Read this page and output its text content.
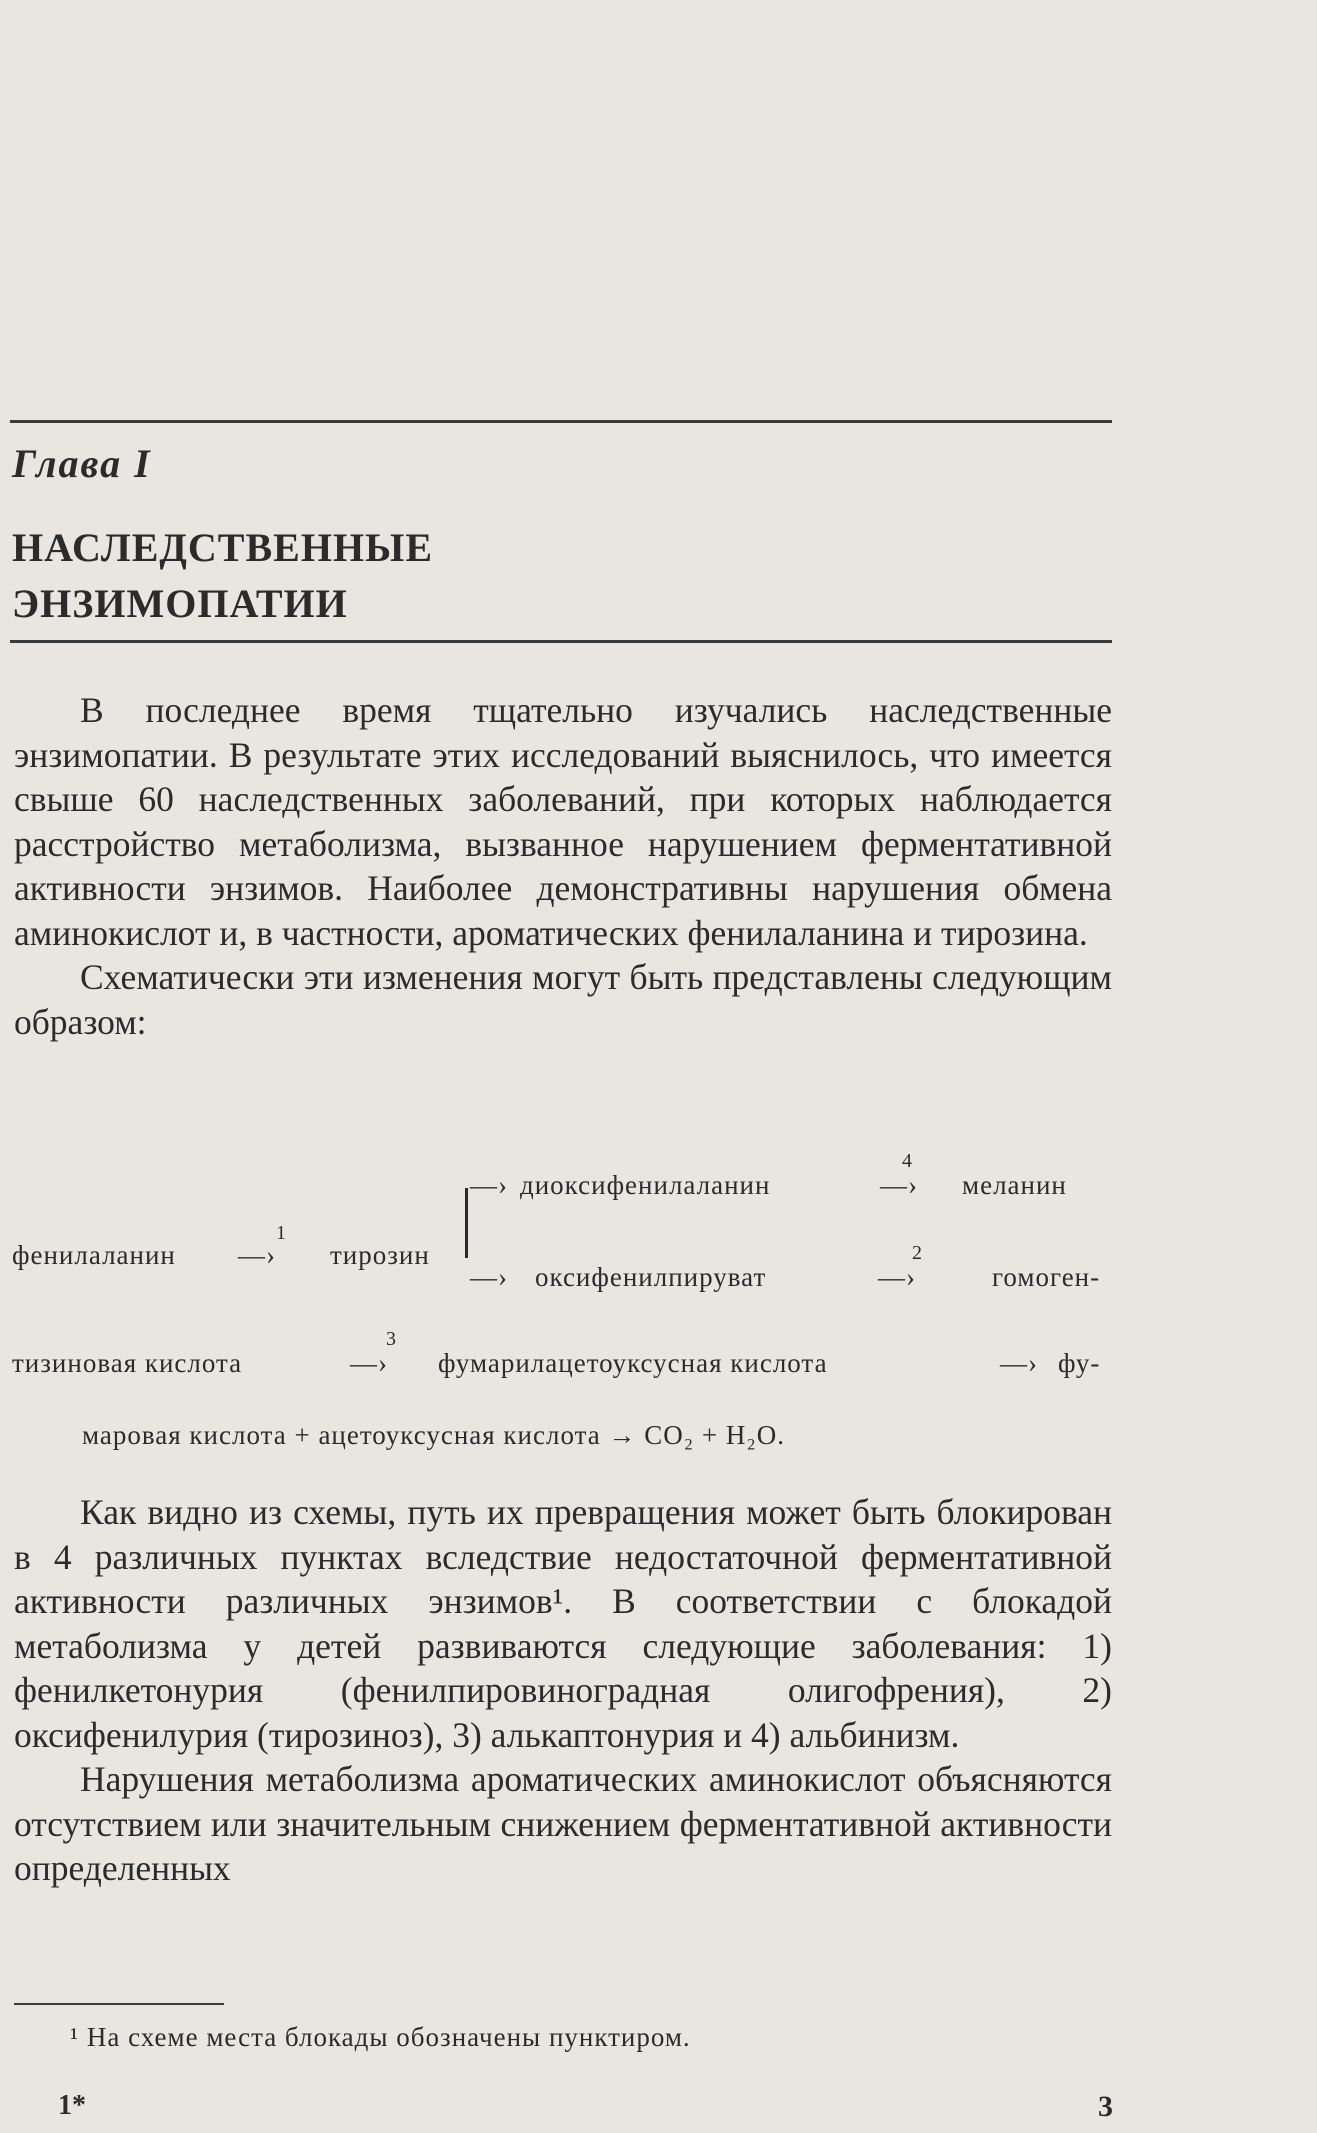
Глава I
НАСЛЕДСТВЕННЫЕ
ЭНЗИМОПАТИИ

В последнее время тщательно изучались наследственные энзимопатии. В результате этих исследований выяснилось, что имеется свыше 60 наследственных заболеваний, при которых наблюдается расстройство метаболизма, вызванное нарушением ферментативной активности энзимов. Наиболее демонстративны нарушения обмена аминокислот и, в частности, ароматических фенилаланина и тирозина.

Схематически эти изменения могут быть представлены следующим образом:

—› диоксифенилаланин	—›
4
меланин
фенилаланин —›
1
тирозин
—› оксифенилпируват	—›
2
гомоген-
тизиновая кислота	—›
3
фумарилацетоуксусная кислота	—› фу-
маровая кислота + ацетоуксусная кислота → CO₂ + H₂O.

Как видно из схемы, путь их превращения может быть блокирован в 4 различных пунктах вследствие недостаточной ферментативной активности различных энзимов¹. В соответствии с блокадой метаболизма у детей развиваются следующие заболевания: 1) фенилкетонурия (фенилпировиноградная олигофрения), 2) оксифенилурия (тирозиноз), 3) алькаптонурия и 4) альбинизм.

Нарушения метаболизма ароматических аминокислот объясняются отсутствием или значительным снижением ферментативной активности определенных

¹ На схеме места блокады обозначены пунктиром.
1*	3
